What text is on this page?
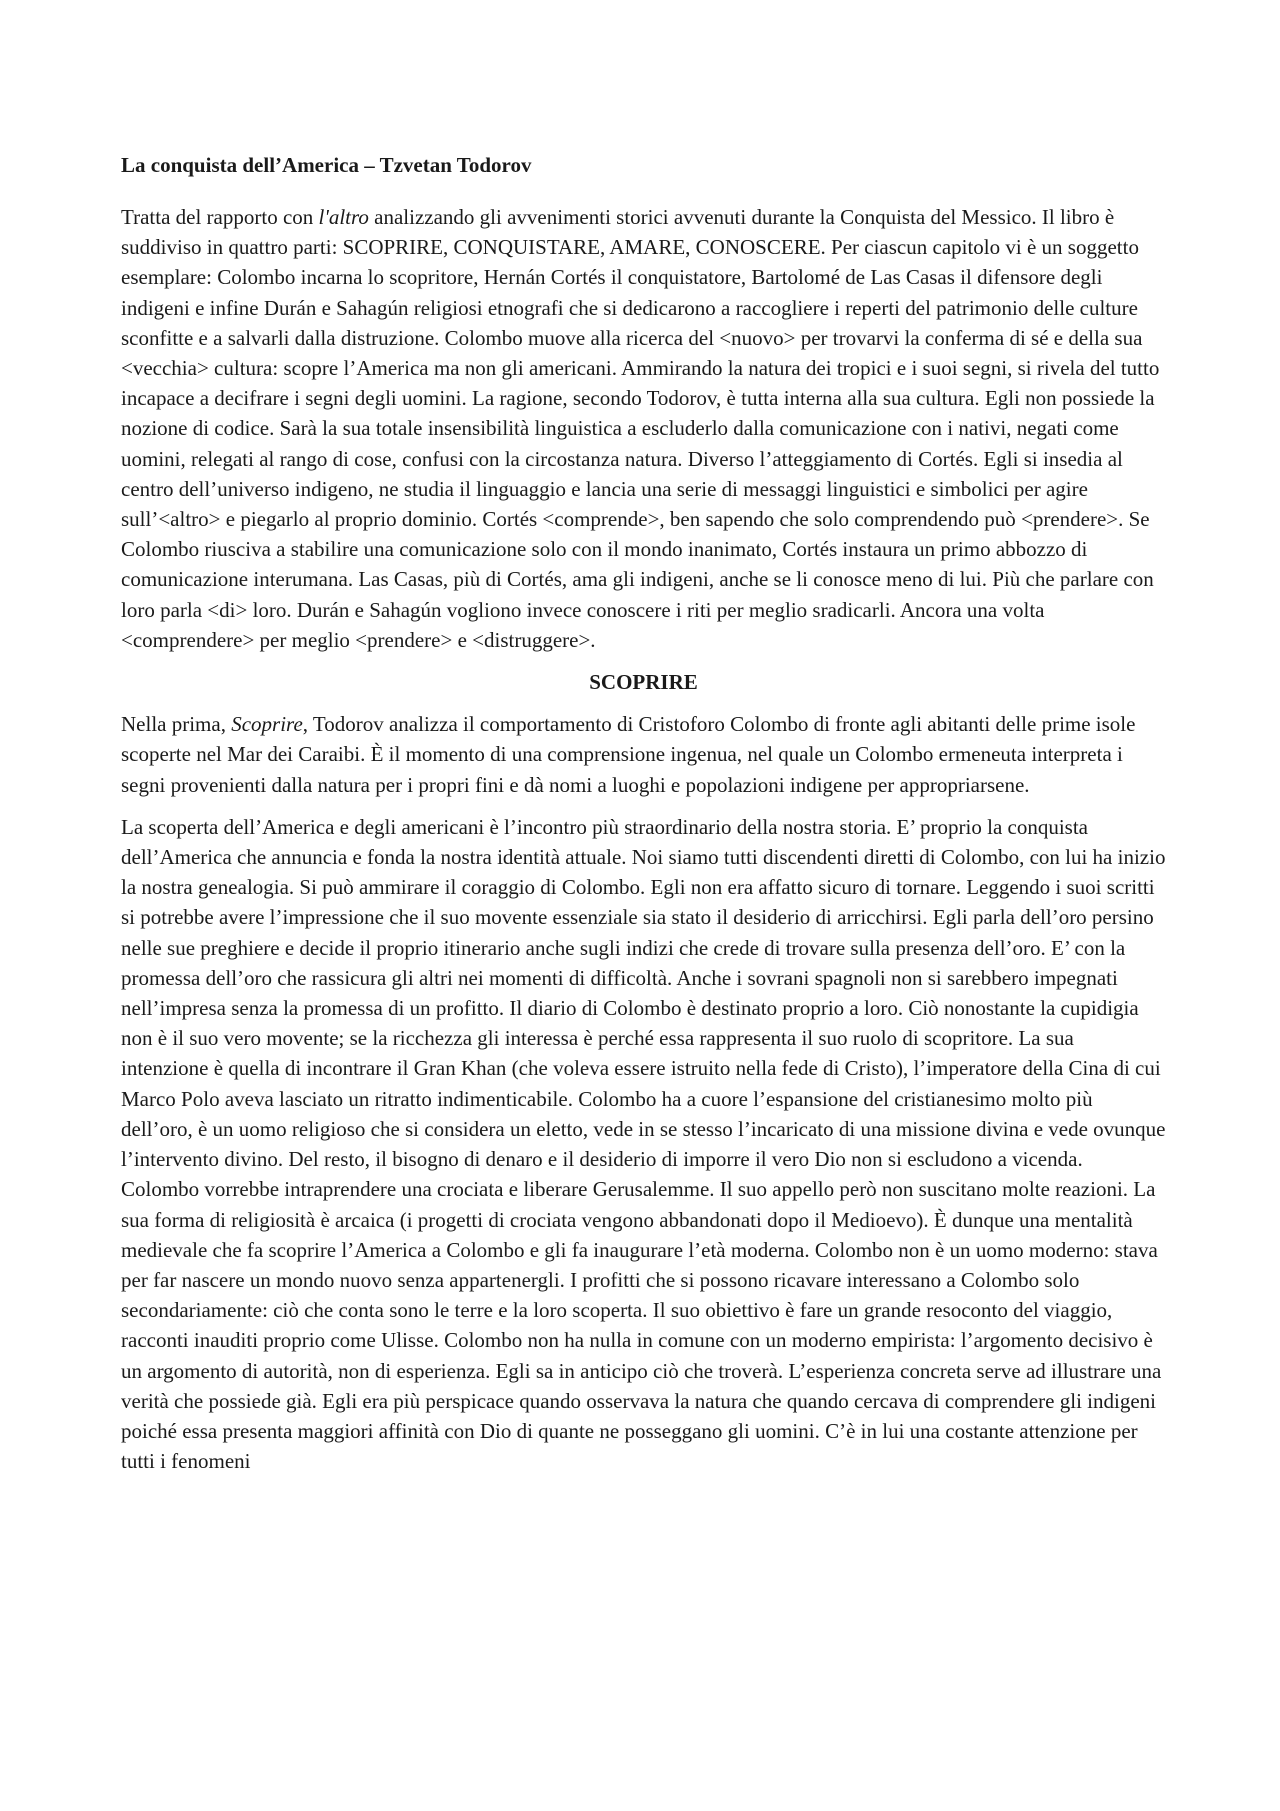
La conquista dell’America – Tzvetan Todorov

Tratta del rapporto con l'altro analizzando gli avvenimenti storici avvenuti durante la Conquista del Messico. Il libro è suddiviso in quattro parti: SCOPRIRE, CONQUISTARE, AMARE, CONOSCERE. Per ciascun capitolo vi è un soggetto esemplare: Colombo incarna lo scopritore, Hernán Cortés il conquistatore, Bartolomé de Las Casas il difensore degli indigeni e infine Durán e Sahagún religiosi etnografi che si dedicarono a raccogliere i reperti del patrimonio delle culture sconfitte e a salvarli dalla distruzione. Colombo muove alla ricerca del <nuovo> per trovarvi la conferma di sé e della sua <vecchia> cultura: scopre l’America ma non gli americani. Ammirando la natura dei tropici e i suoi segni, si rivela del tutto incapace a decifrare i segni degli uomini. La ragione, secondo Todorov, è tutta interna alla sua cultura. Egli non possiede la nozione di codice. Sarà la sua totale insensibilità linguistica a escluderlo dalla comunicazione con i nativi, negati come uomini, relegati al rango di cose, confusi con la circostanza natura. Diverso l’atteggiamento di Cortés. Egli si insedia al centro dell’universo indigeno, ne studia il linguaggio e lancia una serie di messaggi linguistici e simbolici per agire sull’<altro> e piegarlo al proprio dominio. Cortés <comprende>, ben sapendo che solo comprendendo può <prendere>. Se Colombo riusciva a stabilire una comunicazione solo con il mondo inanimato, Cortés instaura un primo abbozzo di comunicazione interumana. Las Casas, più di Cortés, ama gli indigeni, anche se li conosce meno di lui. Più che parlare con loro parla <di> loro. Durán e Sahagún vogliono invece conoscere i riti per meglio sradicarli. Ancora una volta <comprendere> per meglio <prendere> e <distruggere>.

SCOPRIRE

Nella prima, Scoprire, Todorov analizza il comportamento di Cristoforo Colombo di fronte agli abitanti delle prime isole scoperte nel Mar dei Caraibi. È il momento di una comprensione ingenua, nel quale un Colombo ermeneuta interpreta i segni provenienti dalla natura per i propri fini e dà nomi a luoghi e popolazioni indigene per appropriarsene.

La scoperta dell’America e degli americani è l’incontro più straordinario della nostra storia. E’ proprio la conquista dell’America che annuncia e fonda la nostra identità attuale. Noi siamo tutti discendenti diretti di Colombo, con lui ha inizio la nostra genealogia. Si può ammirare il coraggio di Colombo. Egli non era affatto sicuro di tornare. Leggendo i suoi scritti si potrebbe avere l’impressione che il suo movente essenziale sia stato il desiderio di arricchirsi. Egli parla dell’oro persino nelle sue preghiere e decide il proprio itinerario anche sugli indizi che crede di trovare sulla presenza dell’oro. E’ con la promessa dell’oro che rassicura gli altri nei momenti di difficoltà. Anche i sovrani spagnoli non si sarebbero impegnati nell’impresa senza la promessa di un profitto. Il diario di Colombo è destinato proprio a loro. Ciò nonostante la cupidigia non è il suo vero movente; se la ricchezza gli interessa è perché essa rappresenta il suo ruolo di scopritore. La sua intenzione è quella di incontrare il Gran Khan (che voleva essere istruito nella fede di Cristo), l’imperatore della Cina di cui Marco Polo aveva lasciato un ritratto indimenticabile. Colombo ha a cuore l’espansione del cristianesimo molto più dell’oro, è un uomo religioso che si considera un eletto, vede in se stesso l’incaricato di una missione divina e vede ovunque l’intervento divino. Del resto, il bisogno di denaro e il desiderio di imporre il vero Dio non si escludono a vicenda. Colombo vorrebbe intraprendere una crociata e liberare Gerusalemme. Il suo appello però non suscitano molte reazioni. La sua forma di religiosità è arcaica (i progetti di crociata vengono abbandonati dopo il Medioevo). È dunque una mentalità medievale che fa scoprire l’America a Colombo e gli fa inaugurare l’età moderna. Colombo non è un uomo moderno: stava per far nascere un mondo nuovo senza appartenergli. I profitti che si possono ricavare interessano a Colombo solo secondariamente: ciò che conta sono le terre e la loro scoperta. Il suo obiettivo è fare un grande resoconto del viaggio, racconti inauditi proprio come Ulisse. Colombo non ha nulla in comune con un moderno empirista: l’argomento decisivo è un argomento di autorità, non di esperienza. Egli sa in anticipo ciò che troverà. L’esperienza concreta serve ad illustrare una verità che possiede già. Egli era più perspicace quando osservava la natura che quando cercava di comprendere gli indigeni poiché essa presenta maggiori affinità con Dio di quante ne posseggano gli uomini. C’è in lui una costante attenzione per tutti i fenomeni
